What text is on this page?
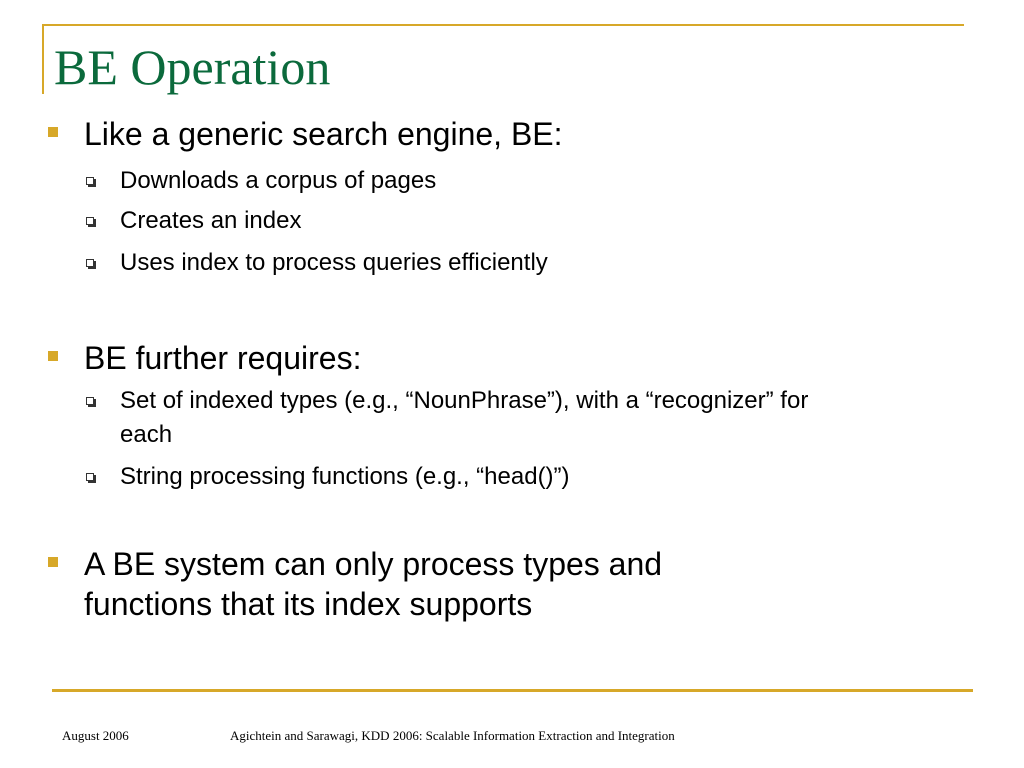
BE Operation
Like a generic search engine, BE:
Downloads a corpus of pages
Creates an index
Uses index to process queries efficiently
BE further requires:
Set of indexed types (e.g., “NounPhrase”), with a “recognizer” for each
String processing functions (e.g., “head()”)
A BE system can only process types and functions that its index supports
August 2006	Agichtein and Sarawagi, KDD 2006: Scalable Information Extraction and Integration
